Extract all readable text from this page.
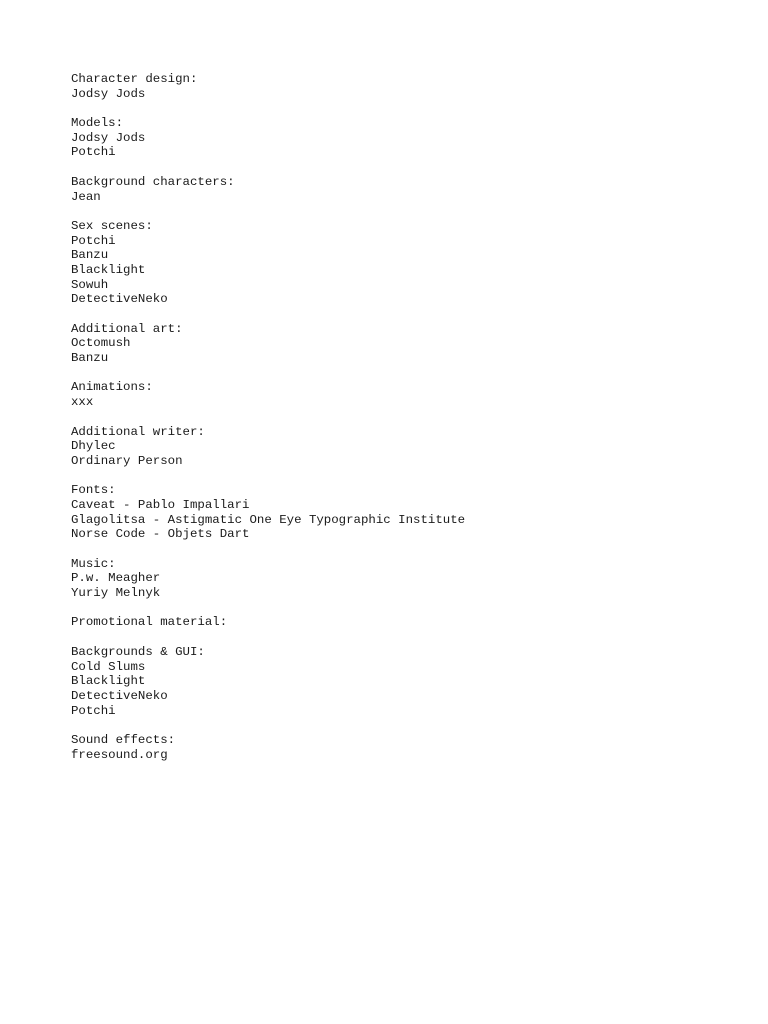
Character design:
Jodsy Jods
Models:
Jodsy Jods
Potchi
Background characters:
Jean
Sex scenes:
Potchi
Banzu
Blacklight
Sowuh
DetectiveNeko
Additional art:
Octomush
Banzu
Animations:
xxx
Additional writer:
Dhylec
Ordinary Person
Fonts:
Caveat - Pablo Impallari
Glagolitsa - Astigmatic One Eye Typographic Institute
Norse Code - Objets Dart
Music:
P.w. Meagher
Yuriy Melnyk
Promotional material:
Backgrounds & GUI:
Cold Slums
Blacklight
DetectiveNeko
Potchi
Sound effects:
freesound.org
